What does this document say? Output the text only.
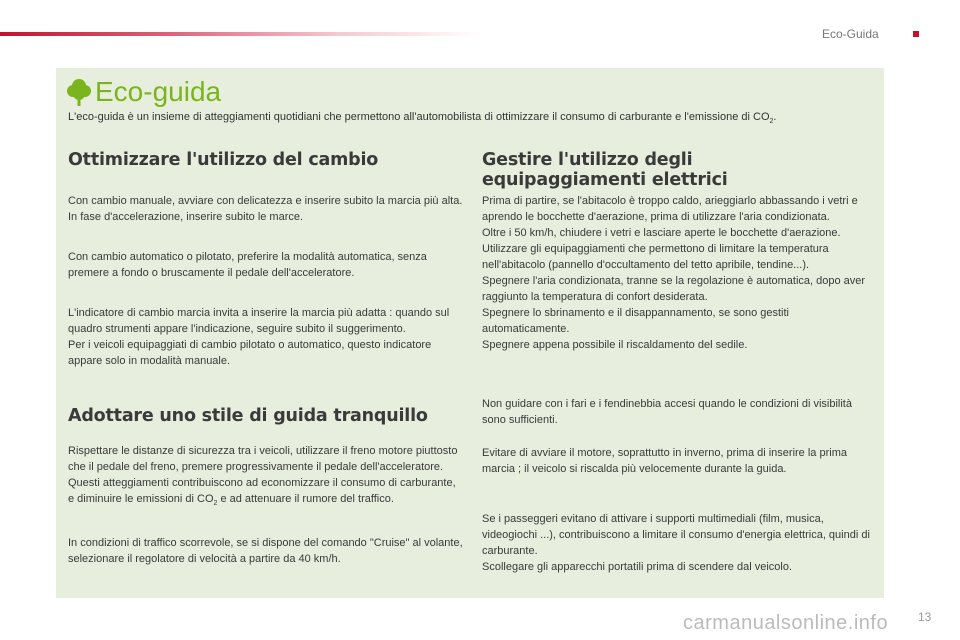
Eco-Guida
Eco-guida
L'eco-guida è un insieme di atteggiamenti quotidiani che permettono all'automobilista di ottimizzare il consumo di carburante e l'emissione di $CO_2$.
Ottimizzare l'utilizzo del cambio

Con cambio manuale, avviare con delicatezza e inserire subito la marcia più alta. In fase d'accelerazione, inserire subito le marce.

Con cambio automatico o pilotato, preferire la modalità automatica, senza premere a fondo o bruscamente il pedale dell'acceleratore.

L'indicatore di cambio marcia invita a inserire la marcia più adatta : quando sul quadro strumenti appare l'indicazione, seguire subito il suggerimento.

Per i veicoli equipaggiati di cambio pilotato o automatico, questo indicatore appare solo in modalità manuale.

Adottare uno stile di guida tranquillo

Rispettare le distanze di sicurezza tra i veicoli, utilizzare il freno motore piuttosto che il pedale del freno, premere progressivamente il pedale dell'acceleratore. Questi atteggiamenti contribuiscono ad economizzare il consumo di carburante, e diminuire le emissioni di $CO_2$ e ad attenuare il rumore del traffico.

In condizioni di traffico scorrevole, se si dispone del comando "Cruise" al volante, selezionare il regolatore di velocità a partire da 40 km/h.

Gestire l'utilizzo degli equipaggiamenti elettrici

Prima di partire, se l'abitacolo è troppo caldo, arieggiarlo abbassando i vetri e aprendo le bocchette d'aerazione, prima di utilizzare l'aria condizionata.

Oltre i 50 km/h, chiudere i vetri e lasciare aperte le bocchette d'aerazione.

Utilizzare gli equipaggiamenti che permettono di limitare la temperatura nell'abitacolo (pannello d'occultamento del tetto apribile, tendine...).

Spegnere l'aria condizionata, tranne se la regolazione è automatica, dopo aver raggiunto la temperatura di confort desiderata.

Spegnere lo sbrinamento e il disappannamento, se sono gestiti automaticamente.

Spegnere appena possibile il riscaldamento del sedile.

Non guidare con i fari e i fendinebbia accesi quando le condizioni di visibilità sono sufficienti.

Evitare di avviare il motore, soprattutto in inverno, prima di inserire la prima marcia ; il veicolo si riscalda più velocemente durante la guida.

Se i passeggeri evitano di attivare i supporti multimediali (film, musica, videogiochi ...), contribuiscono a limitare il consumo d'energia elettrica, quindi di carburante.

Scollegare gli apparecchi portatili prima di scendere dal veicolo.

13
carmanualsonline.info
